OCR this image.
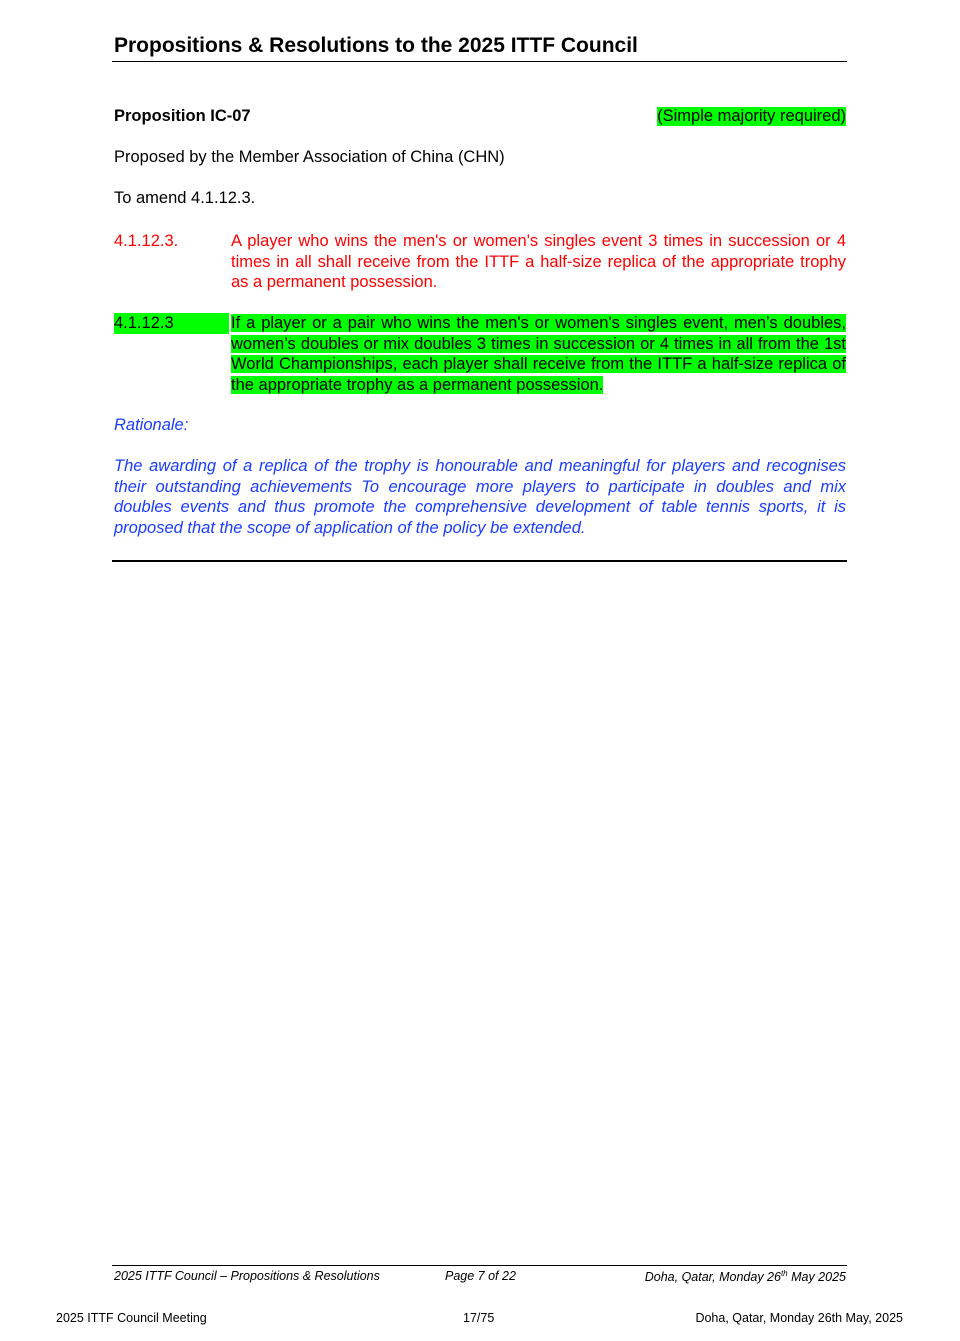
Propositions & Resolutions to the 2025 ITTF Council
Proposition IC-07	(Simple majority required)
Proposed by the Member Association of China (CHN)
To amend 4.1.12.3.
4.1.12.3.	A player who wins the men's or women's singles event 3 times in succession or 4 times in all shall receive from the ITTF a half-size replica of the appropriate trophy as a permanent possession.
4.1.12.3	If a player or a pair who wins the men's or women's singles event, men’s doubles, women’s doubles or mix doubles 3 times in succession or 4 times in all from the 1st World Championships, each player shall receive from the ITTF a half-size replica of the appropriate trophy as a permanent possession.
Rationale:
The awarding of a replica of the trophy is honourable and meaningful for players and recognises their outstanding achievements To encourage more players to participate in doubles and mix doubles events and thus promote the comprehensive development of table tennis sports, it is proposed that the scope of application of the policy be extended.
2025 ITTF Council – Propositions & Resolutions	Page 7 of 22	Doha, Qatar, Monday 26th May 2025
2025 ITTF Council Meeting	17/75	Doha, Qatar, Monday 26th May, 2025
